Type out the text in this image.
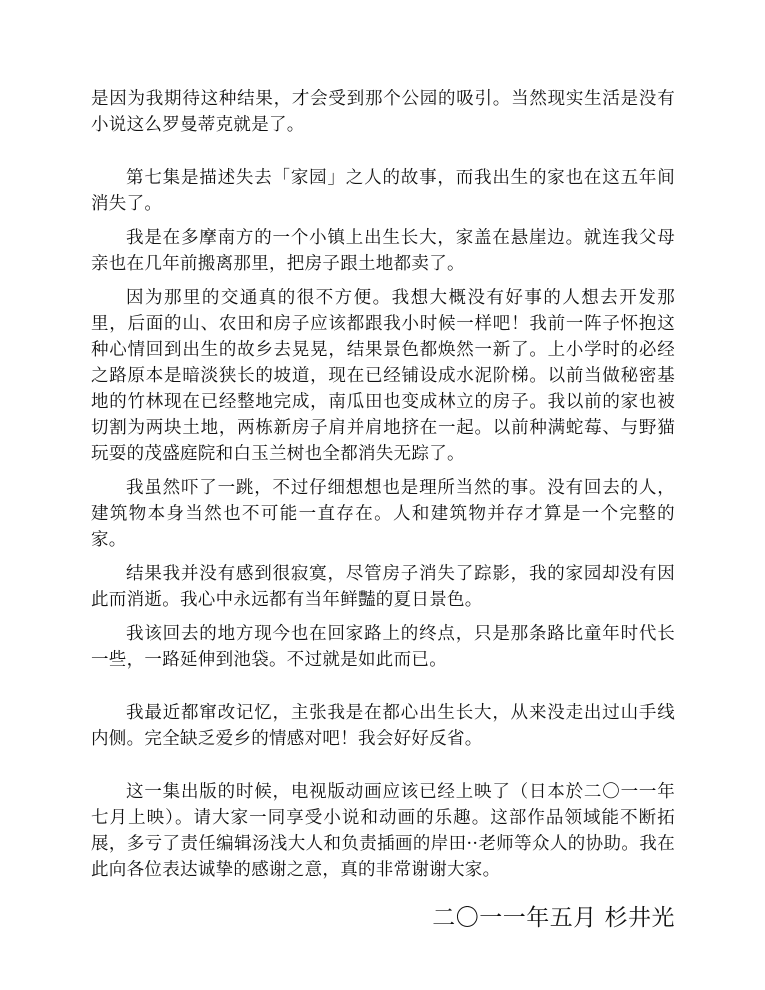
是因为我期待这种结果，才会受到那个公园的吸引。当然现实生活是没有小说这么罗曼蒂克就是了。

第七集是描述失去「家园」之人的故事，而我出生的家也在这五年间消失了。

我是在多摩南方的一个小镇上出生长大，家盖在悬崖边。就连我父母亲也在几年前搬离那里，把房子跟土地都卖了。

因为那里的交通真的很不方便。我想大概没有好事的人想去开发那里，后面的山、农田和房子应该都跟我小时候一样吧！我前一阵子怀抱这种心情回到出生的故乡去晃晃，结果景色都焕然一新了。上小学时的必经之路原本是暗淡狭长的坡道，现在已经铺设成水泥阶梯。以前当做秘密基地的竹林现在已经整地完成，南瓜田也变成林立的房子。我以前的家也被切割为两块土地，两栋新房子肩并肩地挤在一起。以前种满蛇莓、与野猫玩耍的茂盛庭院和白玉兰树也全都消失无踪了。

我虽然吓了一跳，不过仔细想想也是理所当然的事。没有回去的人，建筑物本身当然也不可能一直存在。人和建筑物并存才算是一个完整的家。

结果我并没有感到很寂寞，尽管房子消失了踪影，我的家园却没有因此而消逝。我心中永远都有当年鲜豔的夏日景色。

我该回去的地方现今也在回家路上的终点，只是那条路比童年时代长一些，一路延伸到池袋。不过就是如此而已。

我最近都窜改记忆，主张我是在都心出生长大，从来没走出过山手线内侧。完全缺乏爱乡的情感对吧！我会好好反省。

这一集出版的时候，电视版动画应该已经上映了（日本於二〇一一年七月上映）。请大家一同享受小说和动画的乐趣。这部作品领域能不断拓展，多亏了责任编辑汤浅大人和负责插画的岸田··老师等众人的协助。我在此向各位表达诚挚的感谢之意，真的非常谢谢大家。

二〇一一年五月 杉井光
